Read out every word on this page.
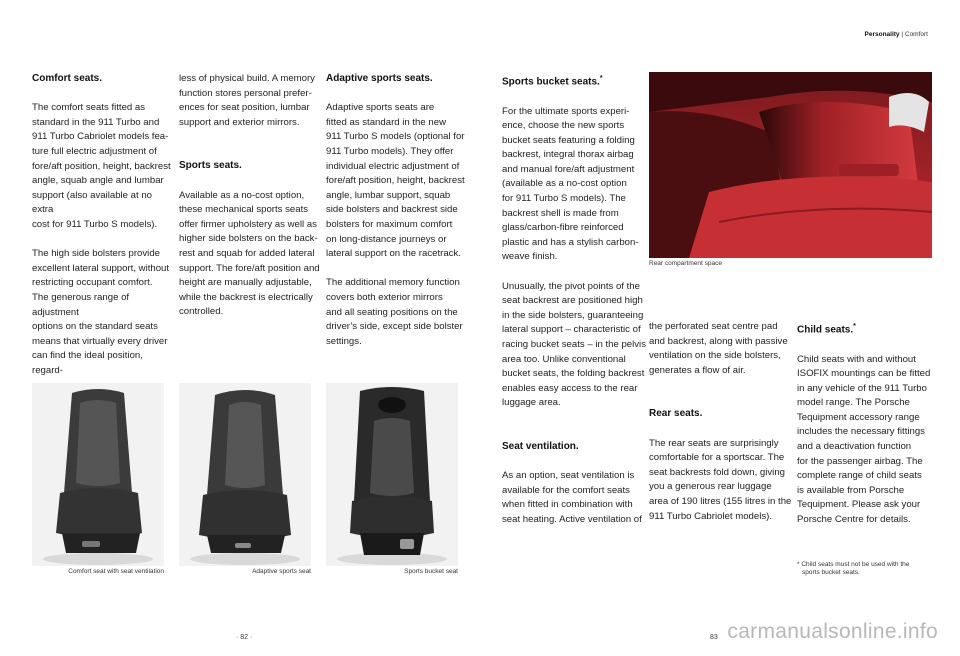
Personality | Comfort

Comfort seats.

The comfort seats fitted as
standard in the 911 Turbo and
911 Turbo Cabriolet models fea-
ture full electric adjustment of
fore/aft position, height, backrest
angle, squab angle and lumbar
support (also available at no extra
cost for 911 Turbo S models).
The high side bolsters provide
excellent lateral support, without
restricting occupant comfort.
The generous range of adjustment
options on the standard seats
means that virtually every driver
can find the ideal position, regard-
less of physical build. A memory
function stores personal prefer-
ences for seat position, lumbar
support and exterior mirrors.

Sports seats.

Available as a no-cost option,
these mechanical sports seats
offer firmer upholstery as well as
higher side bolsters on the back-
rest and squab for added lateral
support. The fore/aft position and
height are manually adjustable,
while the backrest is electrically
controlled.

Adaptive sports seats.

Adaptive sports seats are
fitted as standard in the new
911 Turbo S models (optional for
911 Turbo models). They offer
individual electric adjustment of
fore/aft position, height, backrest
angle, lumbar support, squab
side bolsters and backrest side
bolsters for maximum comfort
on long-distance journeys or
lateral support on the racetrack.
The additional memory function
covers both exterior mirrors
and all seating positions on the
driver’s side, except side bolster
settings.

Sports bucket seats.*

For the ultimate sports experi-
ence, choose the new sports
bucket seats featuring a folding
backrest, integral thorax airbag
and manual fore/aft adjustment
(available as a no-cost option
for 911 Turbo S models). The
backrest shell is made from
glass/carbon-fibre reinforced
plastic and has a stylish carbon-
weave finish.
Unusually, the pivot points of the
seat backrest are positioned high
in the side bolsters, guaranteeing
lateral support – characteristic of
racing bucket seats – in the pelvis
area too. Unlike conventional
bucket seats, the folding backrest
enables easy access to the rear
luggage area.

Seat ventilation.

As an option, seat ventilation is
available for the comfort seats
when fitted in combination with
seat heating. Active ventilation of
the perforated seat centre pad
and backrest, along with passive
ventilation on the side bolsters,
generates a flow of air.

Rear seats.

The rear seats are surprisingly
comfortable for a sportscar. The
seat backrests fold down, giving
you a generous rear luggage
area of 190 litres (155 litres in the
911 Turbo Cabriolet models).

Child seats.*

Child seats with and without
ISOFIX mountings can be fitted
in any vehicle of the 911 Turbo
model range. The Porsche
Tequipment accessory range
includes the necessary fittings
and a deactivation function
for the passenger airbag. The
complete range of child seats
is available from Porsche
Tequipment. Please ask your
Porsche Centre for details.
Rear compartment space
Comfort seat with seat ventilation	Adaptive sports seat	Sports bucket seat
* Child seats must not be used with the
sports bucket seats.
· 82 ·	83 carmanualsonline.info
